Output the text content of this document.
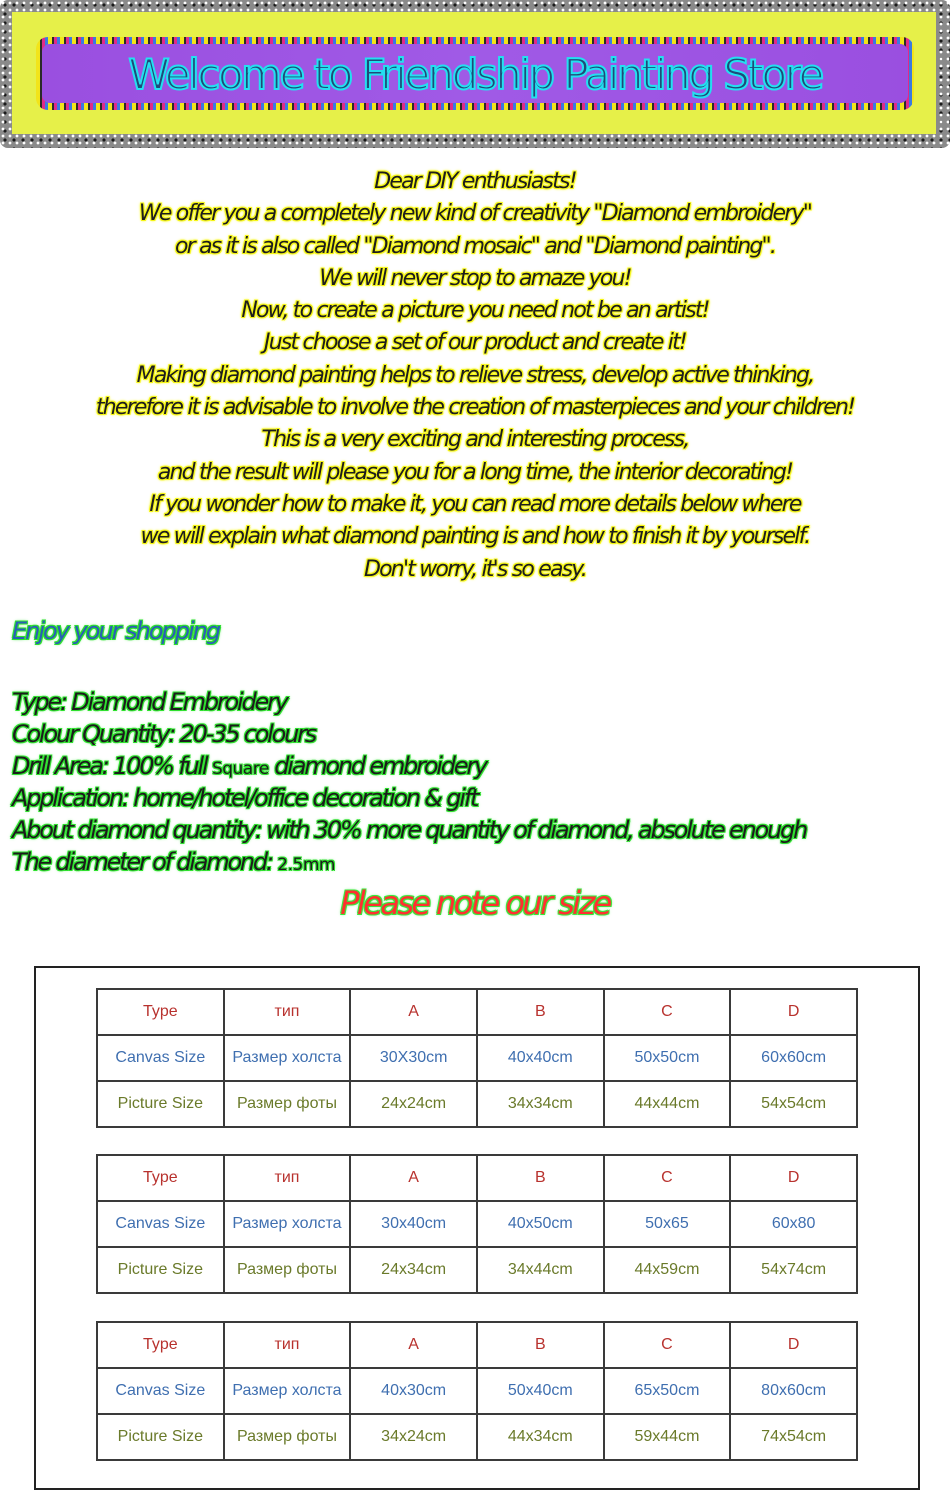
Welcome to Friendship Painting Store
Dear DIY enthusiasts!
We offer you a completely new kind of creativity "Diamond embroidery"
or as it is also called "Diamond mosaic" and "Diamond painting".
We will never stop to amaze you!
Now, to create a picture you need not be an artist!
Just choose a set of our product and create it!
Making diamond painting helps to relieve stress, develop active thinking,
therefore it is advisable to involve the creation of masterpieces and your children!
This is a very exciting and interesting process,
and the result will please you for a long time, the interior decorating!
If you wonder how to make it, you can read more details below where
we will explain what diamond painting is and how to finish it by yourself.
Don't worry, it's so easy.
Enjoy your shopping
Type: Diamond Embroidery
Colour Quantity: 20-35 colours
Drill Area: 100% full Square diamond embroidery
Application: home/hotel/office decoration & gift
About diamond quantity: with 30% more quantity of diamond, absolute enough
The diameter of diamond: 2.5mm
Please note our size
Type	тип	A	B	C	D
Canvas Size	Размер холста	30X30cm	40x40cm	50x50cm	60x60cm
Picture Size	Размер фоты	24x24cm	34x34cm	44x44cm	54x54cm
Type	тип	A	B	C	D
Canvas Size	Размер холста	30x40cm	40x50cm	50x65	60x80
Picture Size	Размер фоты	24x34cm	34x44cm	44x59cm	54x74cm
Type	тип	A	B	C	D
Canvas Size	Размер холста	40x30cm	50x40cm	65x50cm	80x60cm
Picture Size	Размер фоты	34x24cm	44x34cm	59x44cm	74x54cm
